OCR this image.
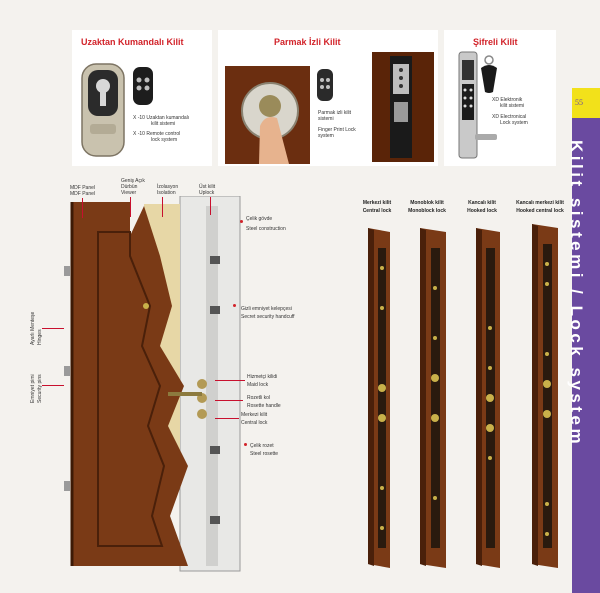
Uzaktan Kumandalı Kilit
X -10 Uzaktan kumandalı
kilit sistemi
X -10 Remote control
lock system
Parmak İzli Kilit
Parmak izli kilit
sistemi
Finger Print Lock
system
Şifreli Kilit
XD Elektronik
kilit sistemi
XD Electronical
Lock system
55
Kilit sistemi / Lock system
MDF Panel
MDF Panel
Geniş Açık
Dürbün
Viewer
İzolasyon
Isolation
Üst kilit
Uplock
Çelik gövde
Steel construction
Gizli emniyet kelepçesi
Secret security handcuff
Hizmetçi kilidi
Maid lock
Rozetli kol
Rosette handle
Merkezi kilit
Central lock
Çelik rozet
Steel rosette
Ayarlı Menteşe Hinges
Emniyet pimi Security pins
Merkezi kilit
Central lock
Monoblok kilit
Monoblock lock
Kancalı kilit
Hooked lock
Kancalı merkezi kilit
Hooked central lock
